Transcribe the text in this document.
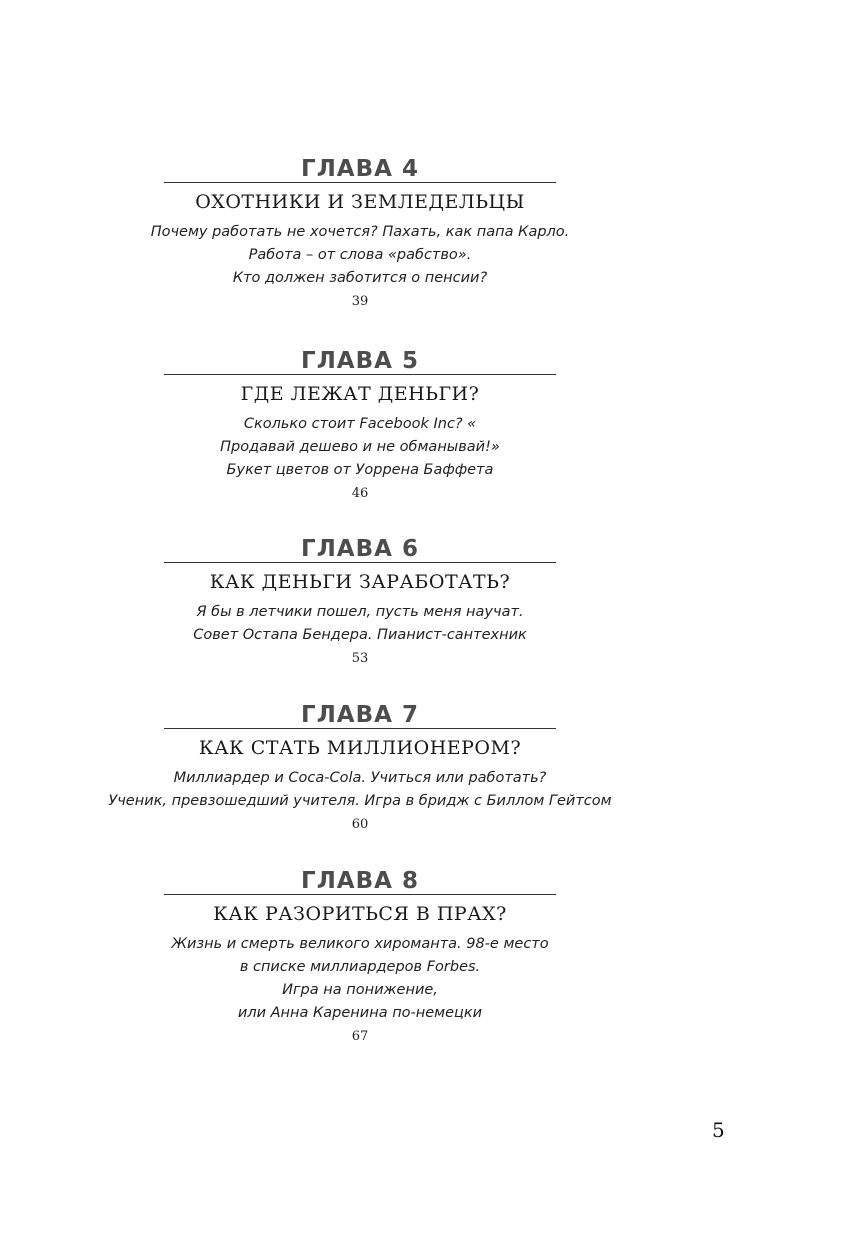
ГЛАВА 4
ОХОТНИКИ И ЗЕМЛЕДЕЛЬЦЫ
Почему работать не хочется? Пахать, как папа Карло.
Работа – от слова «рабство».
Кто должен заботится о пенсии?
39
ГЛАВА 5
ГДЕ ЛЕЖАТ ДЕНЬГИ?
Сколько стоит Facebook Inc? «
Продавай дешево и не обманывай!»
Букет цветов от Уоррена Баффета
46
ГЛАВА 6
КАК ДЕНЬГИ ЗАРАБОТАТЬ?
Я бы в летчики пошел, пусть меня научат.
Совет Остапа Бендера. Пианист-сантехник
53
ГЛАВА 7
КАК СТАТЬ МИЛЛИОНЕРОМ?
Миллиардер и Coca-Cola. Учиться или работать?
Ученик, превзошедший учителя. Игра в бридж с Биллом Гейтсом
60
ГЛАВА 8
КАК РАЗОРИТЬСЯ В ПРАХ?
Жизнь и смерть великого хироманта. 98-е место
в списке миллиардеров Forbes.
Игра на понижение,
или Анна Каренина по-немецки
67
5
